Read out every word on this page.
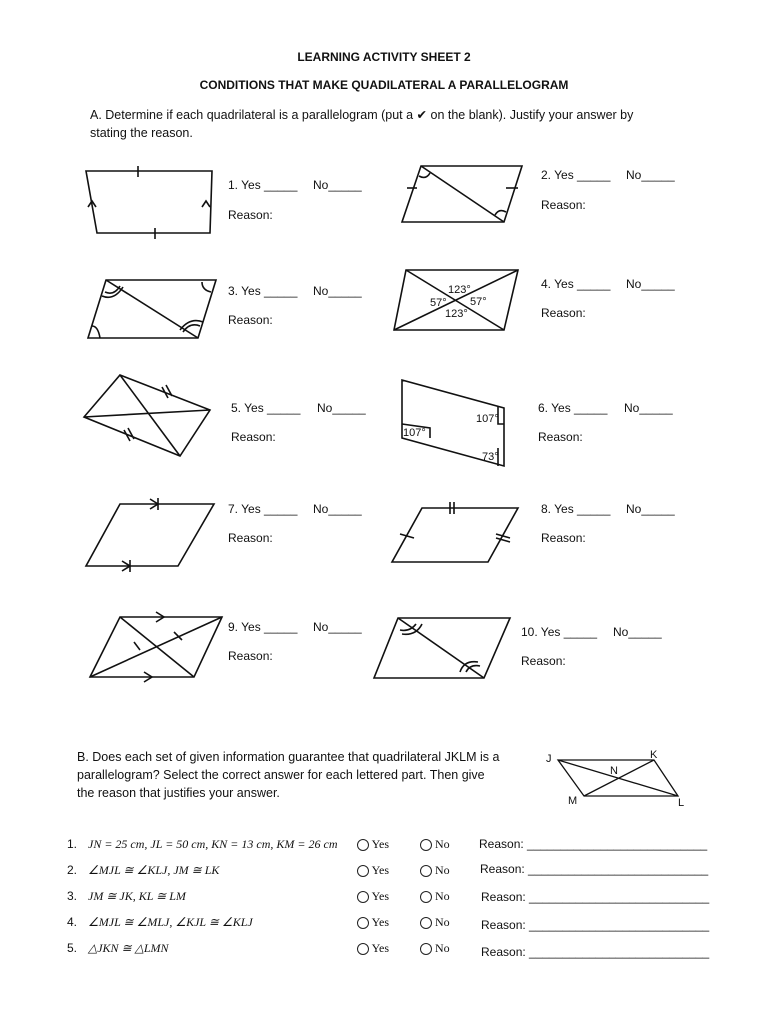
LEARNING ACTIVITY SHEET 2
CONDITIONS THAT MAKE QUADILATERAL A PARALLELOGRAM
A. Determine if each quadrilateral is a parallelogram (put a ✔ on the blank). Justify your answer by
stating the reason.
1. Yes _____ No_____
Reason:
2. Yes _____ No_____
Reason:
3. Yes _____ No_____
Reason:
123°
57° 57°
123°
4. Yes _____ No_____
Reason:
5. Yes _____ No_____
Reason:
107°
107°
73°
6. Yes _____ No_____
Reason:
7. Yes _____ No_____
Reason:
8. Yes _____ No_____
Reason:
9. Yes _____ No_____
Reason:
10. Yes _____ No_____
Reason:
B. Does each set of given information guarantee that quadrilateral JKLM is a
parallelogram? Select the correct answer for each lettered part. Then give
the reason that justifies your answer.
J	K
N
M	L
1. JN = 25 cm, JL = 50 cm, KN = 13 cm, KM = 26 cm	Yes	No Reason: ___________________________
2. ∠MJL ≅ ∠KLJ, JM ≅ LK	Yes	No	Reason: ___________________________
3. JM ≅ JK, KL ≅ LM	Yes	No	Reason: ___________________________
4. ∠MJL ≅ ∠MLJ, ∠KJL ≅ ∠KLJ	Yes	No	Reason: ___________________________
5. △JKN ≅ △LMN	Yes	No	Reason: ___________________________
